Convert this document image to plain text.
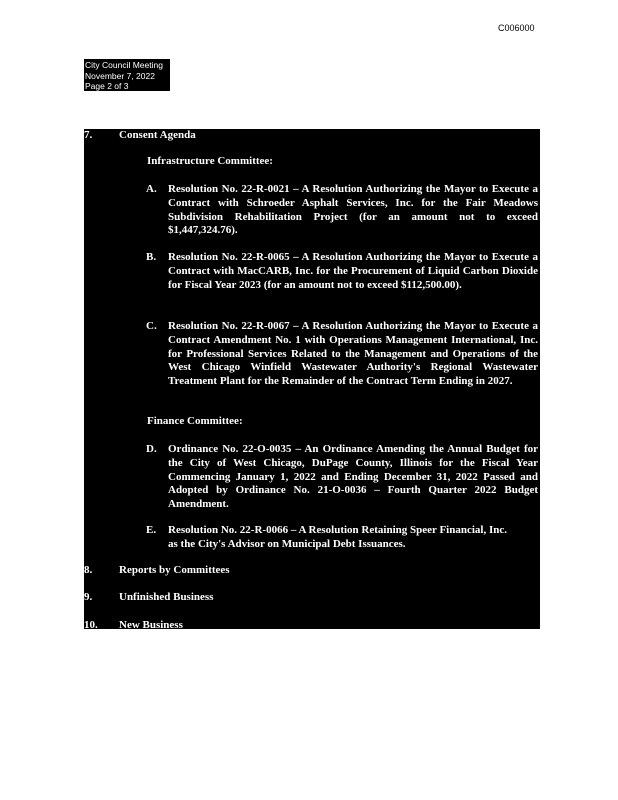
C006000
City Council Meeting
November 7, 2022
Page 2 of 3
7. Consent Agenda
Infrastructure Committee:
A. Resolution No. 22-R-0021 – A Resolution Authorizing the Mayor to Execute a Contract with Schroeder Asphalt Services, Inc. for the Fair Meadows Subdivision Rehabilitation Project (for an amount not to exceed $1,447,324.76).
B. Resolution No. 22-R-0065 – A Resolution Authorizing the Mayor to Execute a Contract with MacCARB, Inc. for the Procurement of Liquid Carbon Dioxide for Fiscal Year 2023 (for an amount not to exceed $112,500.00).
C. Resolution No. 22-R-0067 – A Resolution Authorizing the Mayor to Execute a Contract Amendment No. 1 with Operations Management International, Inc. for Professional Services Related to the Management and Operations of the West Chicago Winfield Wastewater Authority's Regional Wastewater Treatment Plant for the Remainder of the Contract Term Ending in 2027.
Finance Committee:
D. Ordinance No. 22-O-0035 – An Ordinance Amending the Annual Budget for the City of West Chicago, DuPage County, Illinois for the Fiscal Year Commencing January 1, 2022 and Ending December 31, 2022 Passed and Adopted by Ordinance No. 21-O-0036 – Fourth Quarter 2022 Budget Amendment.
E. Resolution No. 22-R-0066 – A Resolution Retaining Speer Financial, Inc.
as the City's Advisor on Municipal Debt Issuances.
8. Reports by Committees
9. Unfinished Business
10. New Business
